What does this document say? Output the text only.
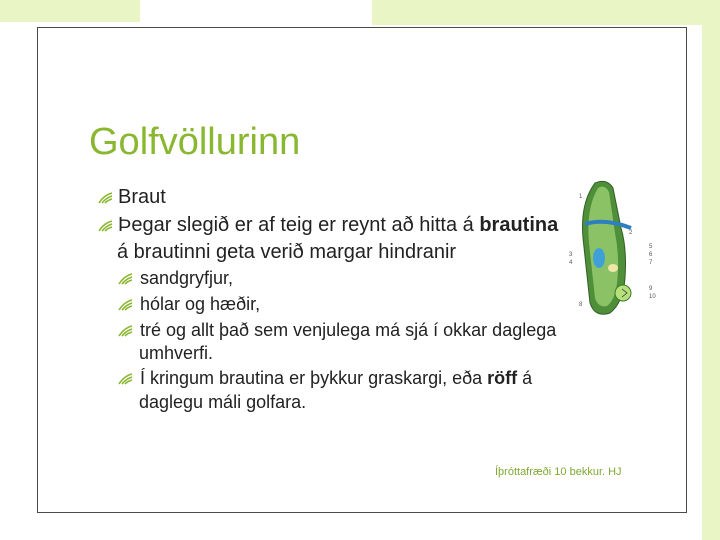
Golfvöllurinn
Braut
Þegar slegið er af teig er reynt að hitta á brautina
á brautinni geta verið margar hindranir
sandgryfjur,
hólar og hæðir,
tré og allt það sem venjulega má sjá í okkar daglega
umhverfi.
Í kringum brautina er þykkur graskargi, eða röff á
daglegu máli golfara.
1
2
3
4
5
6
7
8
9
10
Íþróttafræði 10 bekkur. HJ
